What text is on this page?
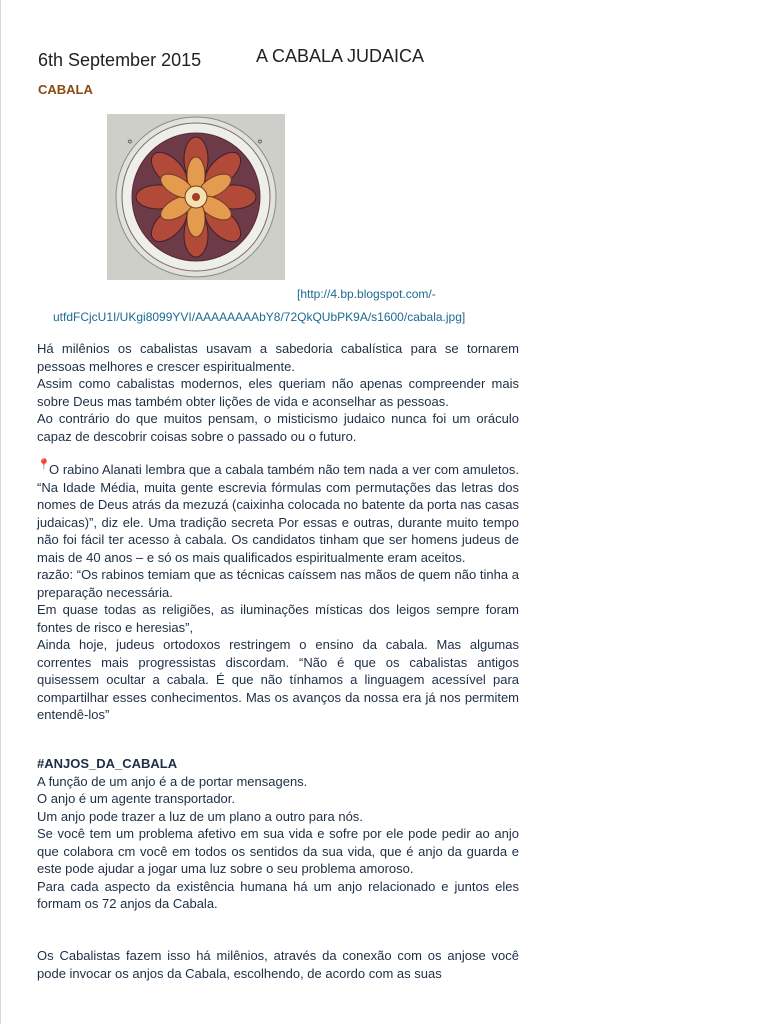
6th September 2015	A CABALA JUDAICA
CABALA
✡	✡
[http://4.bp.blogspot.com/-
utfdFCjcU1I/UKgi8099YVI/AAAAAAAAbY8/72QkQUbPK9A/s1600/cabala.jpg]

Há milênios os cabalistas usavam a sabedoria cabalística para se tornarem pessoas melhores e crescer espiritualmente.

Assim como cabalistas modernos, eles queriam não apenas compreender mais sobre Deus mas também obter lições de vida e aconselhar as pessoas.

Ao contrário do que muitos pensam, o misticismo judaico nunca foi um oráculo capaz de descobrir coisas sobre o passado ou o futuro.

📍

O rabino Alanati lembra que a cabala também não tem nada a ver com amuletos. “Na Idade Média, muita gente escrevia fórmulas com permutações das letras dos nomes de Deus atrás da mezuzá (caixinha colocada no batente da porta nas casas judaicas)”, diz ele. Uma tradição secreta Por essas e outras, durante muito tempo não foi fácil ter acesso à cabala. Os candidatos tinham que ser homens judeus de mais de 40 anos – e só os mais qualificados espiritualmente eram aceitos.

razão: “Os rabinos temiam que as técnicas caíssem nas mãos de quem não tinha a preparação necessária.

Em quase todas as religiões, as iluminações místicas dos leigos sempre foram fontes de risco e heresias”,

Ainda hoje, judeus ortodoxos restringem o ensino da cabala. Mas algumas correntes mais progressistas discordam. “Não é que os cabalistas antigos quisessem ocultar a cabala. É que não tínhamos a linguagem acessível para compartilhar esses conhecimentos. Mas os avanços da nossa era já nos permitem entendê-los”

#ANJOS_DA_CABALA

A função de um anjo é a de portar mensagens.

O anjo é um agente transportador.

Um anjo pode trazer a luz de um plano a outro para nós.

Se você tem um problema afetivo em sua vida e sofre por ele pode pedir ao anjo que colabora cm você em todos os sentidos da sua vida, que é anjo da guarda e este pode ajudar a jogar uma luz sobre o seu problema amoroso.

Para cada aspecto da existência humana há um anjo relacionado e juntos eles formam os 72 anjos da Cabala.

Os Cabalistas fazem isso há milênios, através da conexão com os anjose você pode invocar os anjos da Cabala, escolhendo, de acordo com as suas
